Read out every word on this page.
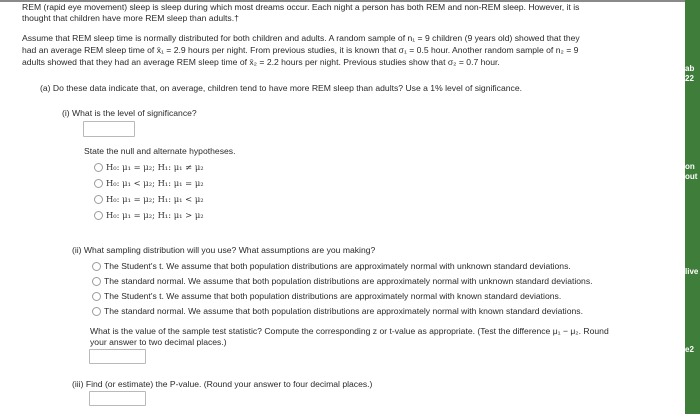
REM (rapid eye movement) sleep is sleep during which most dreams occur. Each night a person has both REM and non-REM sleep. However, it is
thought that children have more REM sleep than adults.†
Assume that REM sleep time is normally distributed for both children and adults. A random sample of n₁ = 9 children (9 years old) showed that they
had an average REM sleep time of x̄₁ = 2.9 hours per night. From previous studies, it is known that σ₁ = 0.5 hour. Another random sample of n₂ = 9
adults showed that they had an average REM sleep time of x̄₂ = 2.2 hours per night. Previous studies show that σ₂ = 0.7 hour.
(a) Do these data indicate that, on average, children tend to have more REM sleep than adults? Use a 1% level of significance.
(i) What is the level of significance?
State the null and alternate hypotheses.
H₀: μ₁ = μ₂; H₁: μ₁ ≠ μ₂
H₀: μ₁ < μ₂; H₁: μ₁ = μ₂
H₀: μ₁ = μ₂; H₁: μ₁ < μ₂
H₀: μ₁ = μ₂; H₁: μ₁ > μ₂
(ii) What sampling distribution will you use? What assumptions are you making?
The Student's t. We assume that both population distributions are approximately normal with unknown standard deviations.
The standard normal. We assume that both population distributions are approximately normal with unknown standard deviations.
The Student's t. We assume that both population distributions are approximately normal with known standard deviations.
The standard normal. We assume that both population distributions are approximately normal with known standard deviations.
What is the value of the sample test statistic? Compute the corresponding z or t-value as appropriate. (Test the difference μ₁ − μ₂. Round
your answer to two decimal places.)
(iii) Find (or estimate) the P-value. (Round your answer to four decimal places.)
ab
22
on
out
live
e2
